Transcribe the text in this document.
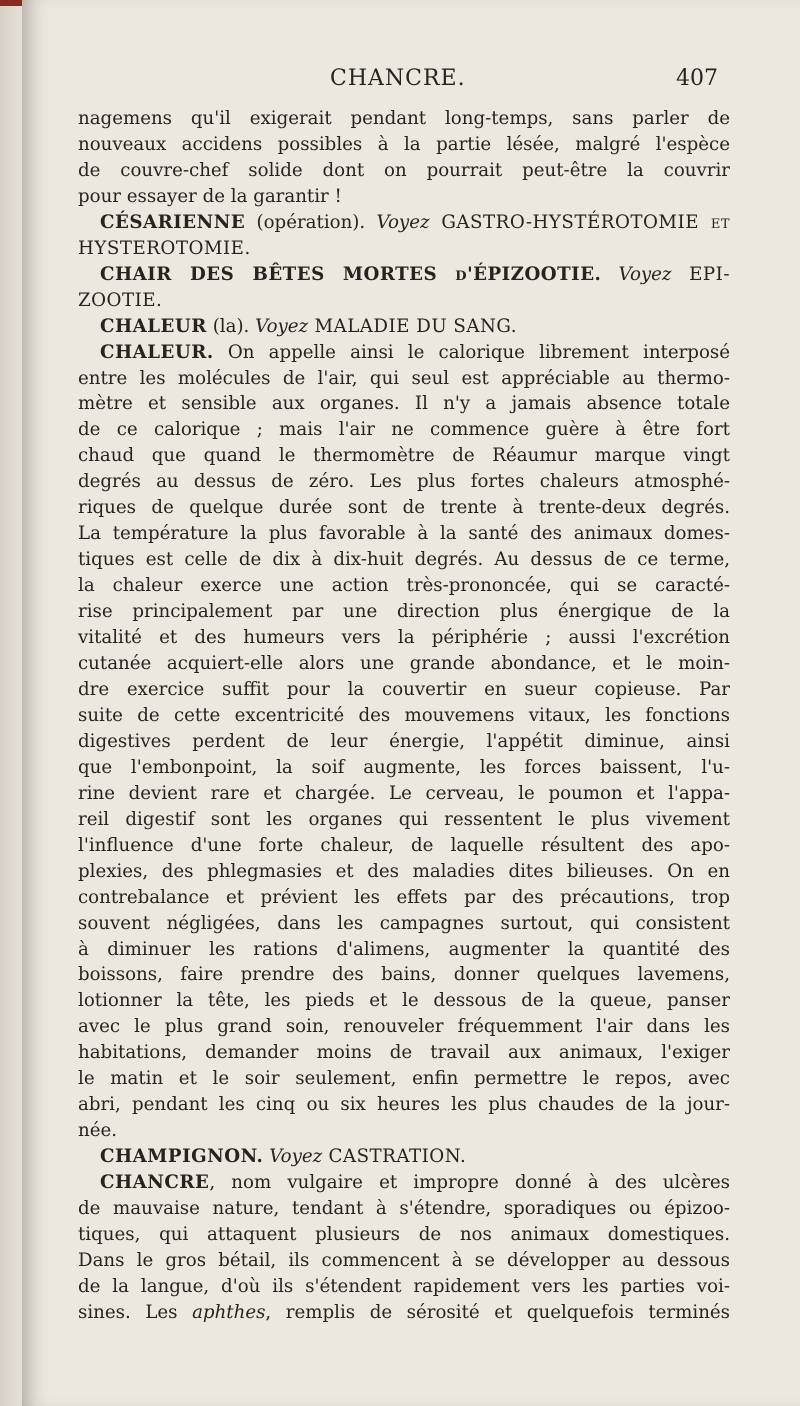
CHANCRE.	407
nagemens qu'il exigerait pendant long-temps, sans parler de
nouveaux accidens possibles à la partie lésée, malgré l'espèce
de couvre-chef solide dont on pourrait peut-être la couvrir
pour essayer de la garantir !
CÉSARIENNE (opération). Voyez GASTRO-HYSTÉROTOMIE et
HYSTEROTOMIE.
CHAIR DES BÊTES MORTES d'ÉPIZOOTIE. Voyez EPI-
ZOOTIE.
CHALEUR (la). Voyez MALADIE DU SANG.
CHALEUR. On appelle ainsi le calorique librement interposé
entre les molécules de l'air, qui seul est appréciable au thermo-
mètre et sensible aux organes. Il n'y a jamais absence totale
de ce calorique ; mais l'air ne commence guère à être fort
chaud que quand le thermomètre de Réaumur marque vingt
degrés au dessus de zéro. Les plus fortes chaleurs atmosphé-
riques de quelque durée sont de trente à trente-deux degrés.
La température la plus favorable à la santé des animaux domes-
tiques est celle de dix à dix-huit degrés. Au dessus de ce terme,
la chaleur exerce une action très-prononcée, qui se caracté-
rise principalement par une direction plus énergique de la
vitalité et des humeurs vers la périphérie ; aussi l'excrétion
cutanée acquiert-elle alors une grande abondance, et le moin-
dre exercice suffit pour la couvertir en sueur copieuse. Par
suite de cette excentricité des mouvemens vitaux, les fonctions
digestives perdent de leur énergie, l'appétit diminue, ainsi
que l'embonpoint, la soif augmente, les forces baissent, l'u-
rine devient rare et chargée. Le cerveau, le poumon et l'appa-
reil digestif sont les organes qui ressentent le plus vivement
l'influence d'une forte chaleur, de laquelle résultent des apo-
plexies, des phlegmasies et des maladies dites bilieuses. On en
contrebalance et prévient les effets par des précautions, trop
souvent négligées, dans les campagnes surtout, qui consistent
à diminuer les rations d'alimens, augmenter la quantité des
boissons, faire prendre des bains, donner quelques lavemens,
lotionner la tête, les pieds et le dessous de la queue, panser
avec le plus grand soin, renouveler fréquemment l'air dans les
habitations, demander moins de travail aux animaux, l'exiger
le matin et le soir seulement, enfin permettre le repos, avec
abri, pendant les cinq ou six heures les plus chaudes de la jour-
née.
CHAMPIGNON. Voyez CASTRATION.
CHANCRE, nom vulgaire et impropre donné à des ulcères
de mauvaise nature, tendant à s'étendre, sporadiques ou épizoo-
tiques, qui attaquent plusieurs de nos animaux domestiques.
Dans le gros bétail, ils commencent à se développer au dessous
de la langue, d'où ils s'étendent rapidement vers les parties voi-
sines. Les aphthes, remplis de sérosité et quelquefois terminés
